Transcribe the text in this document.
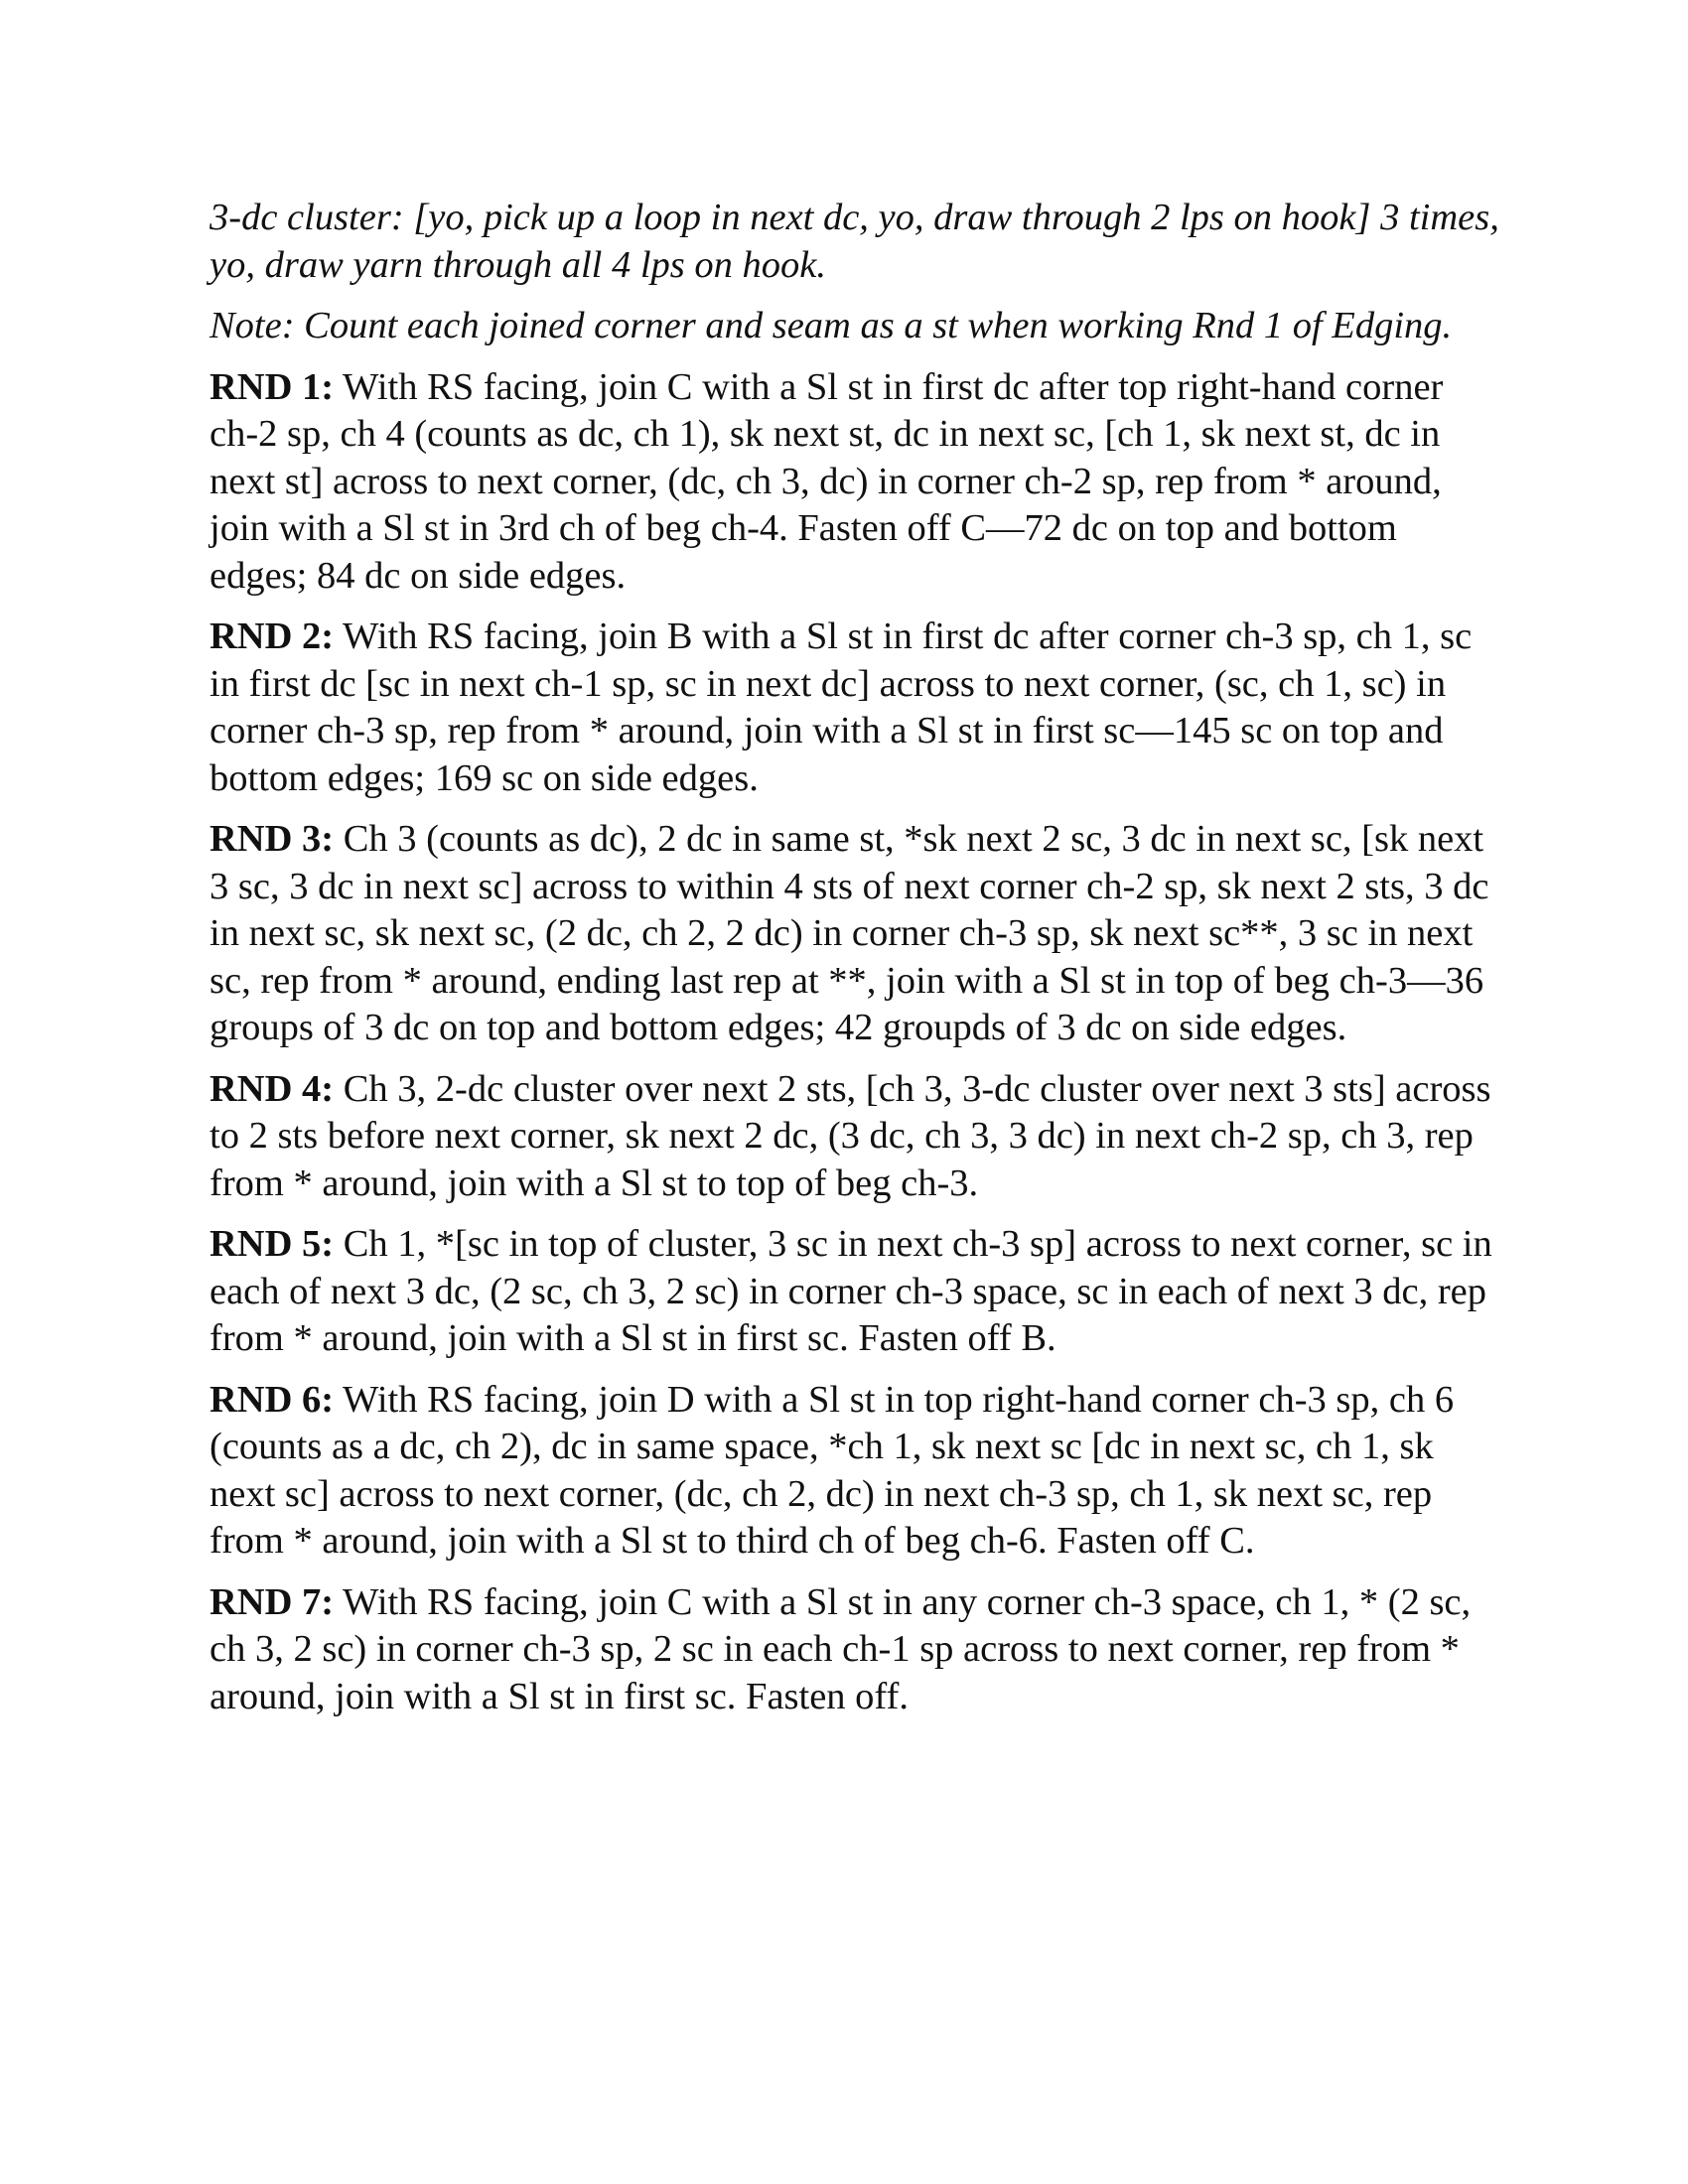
3-dc cluster: [yo, pick up a loop in next dc, yo, draw through 2 lps on hook] 3 times, yo, draw yarn through all 4 lps on hook.

Note: Count each joined corner and seam as a st when working Rnd 1 of Edging.

RND 1: With RS facing, join C with a Sl st in first dc after top right-hand corner ch-2 sp, ch 4 (counts as dc, ch 1), sk next st, dc in next sc, [ch 1, sk next st, dc in next st] across to next corner, (dc, ch 3, dc) in corner ch-2 sp, rep from * around, join with a Sl st in 3rd ch of beg ch-4. Fasten off C—72 dc on top and bottom edges; 84 dc on side edges.

RND 2: With RS facing, join B with a Sl st in first dc after corner ch-3 sp, ch 1, sc in first dc [sc in next ch-1 sp, sc in next dc] across to next corner, (sc, ch 1, sc) in corner ch-3 sp, rep from * around, join with a Sl st in first sc—145 sc on top and bottom edges; 169 sc on side edges.

RND 3: Ch 3 (counts as dc), 2 dc in same st, *sk next 2 sc, 3 dc in next sc, [sk next 3 sc, 3 dc in next sc] across to within 4 sts of next corner ch-2 sp, sk next 2 sts, 3 dc in next sc, sk next sc, (2 dc, ch 2, 2 dc) in corner ch-3 sp, sk next sc**, 3 sc in next sc, rep from * around, ending last rep at **, join with a Sl st in top of beg ch-3—36 groups of 3 dc on top and bottom edges; 42 groupds of 3 dc on side edges.

RND 4: Ch 3, 2-dc cluster over next 2 sts, [ch 3, 3-dc cluster over next 3 sts] across to 2 sts before next corner, sk next 2 dc, (3 dc, ch 3, 3 dc) in next ch-2 sp, ch 3, rep from * around, join with a Sl st to top of beg ch-3.

RND 5: Ch 1, *[sc in top of cluster, 3 sc in next ch-3 sp] across to next corner, sc in each of next 3 dc, (2 sc, ch 3, 2 sc) in corner ch-3 space, sc in each of next 3 dc, rep from * around, join with a Sl st in first sc. Fasten off B.

RND 6: With RS facing, join D with a Sl st in top right-hand corner ch-3 sp, ch 6 (counts as a dc, ch 2), dc in same space, *ch 1, sk next sc [dc in next sc, ch 1, sk next sc] across to next corner, (dc, ch 2, dc) in next ch-3 sp, ch 1, sk next sc, rep from * around, join with a Sl st to third ch of beg ch-6. Fasten off C.

RND 7: With RS facing, join C with a Sl st in any corner ch-3 space, ch 1, * (2 sc, ch 3, 2 sc) in corner ch-3 sp, 2 sc in each ch-1 sp across to next corner, rep from * around, join with a Sl st in first sc. Fasten off.
